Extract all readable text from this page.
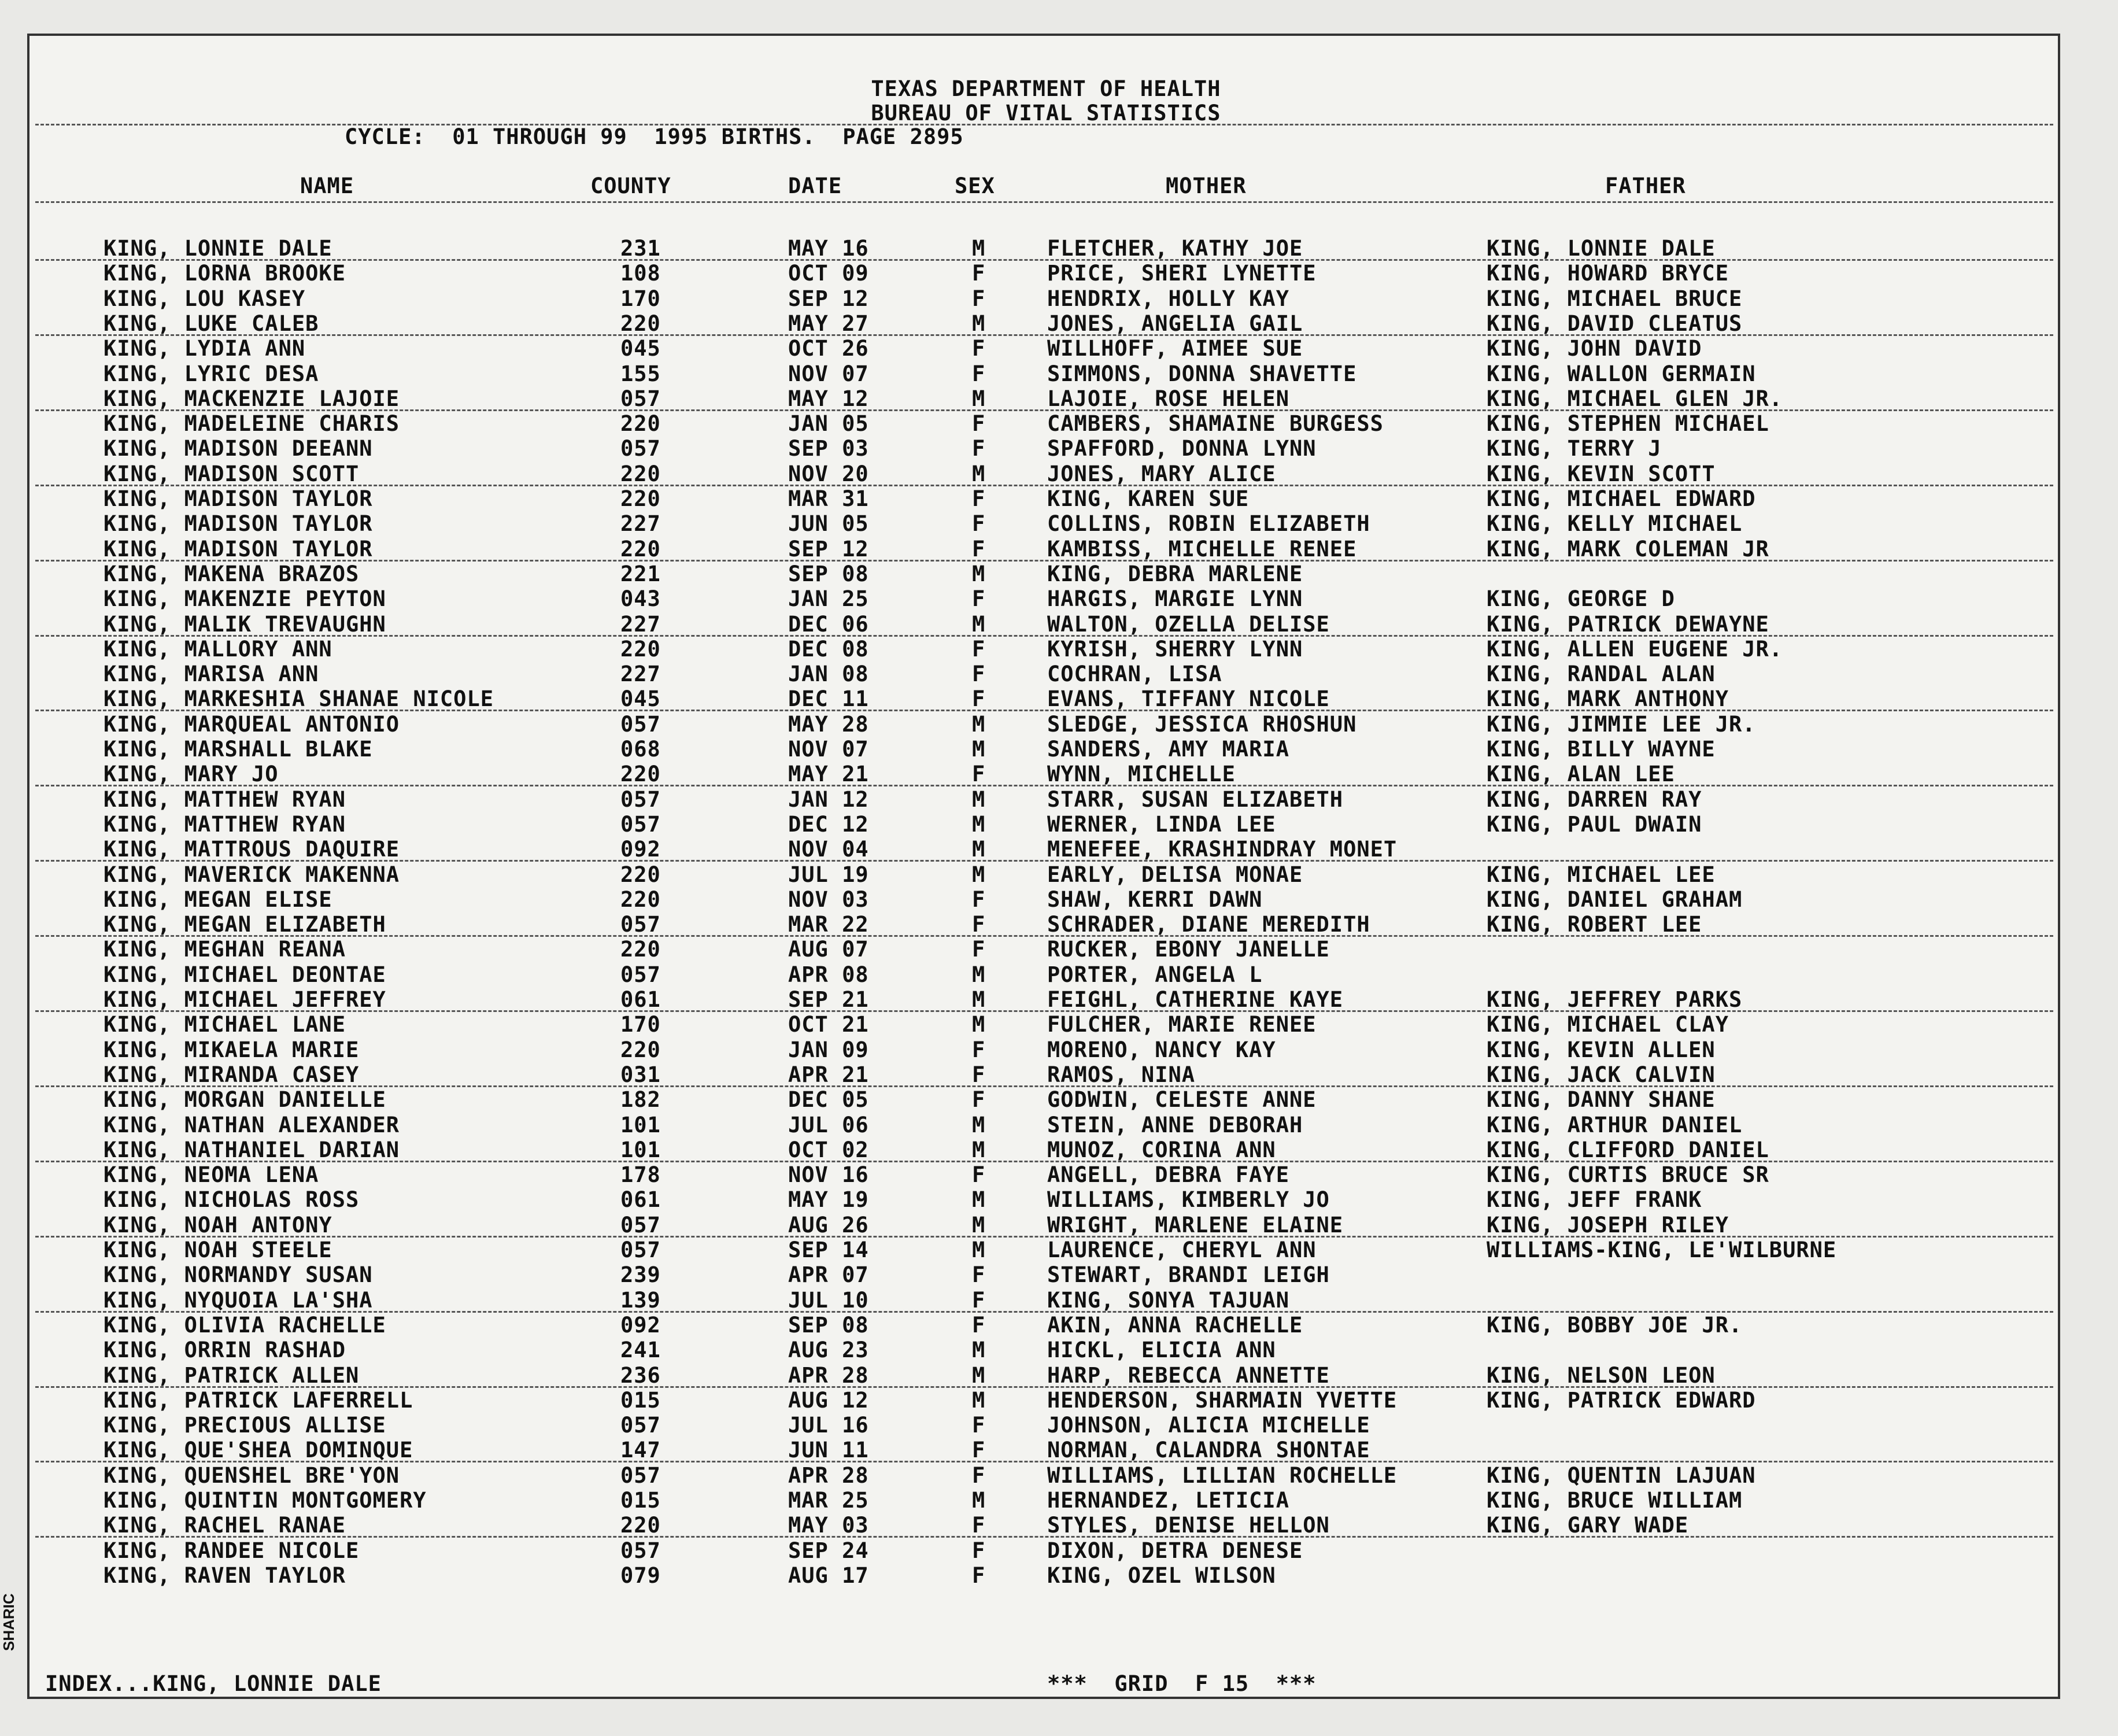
TEXAS DEPARTMENT OF HEALTH
BUREAU OF VITAL STATISTICS
CYCLE:  01 THROUGH 99  1995 BIRTHS.  PAGE 2895
NAME	COUNTY	DATE	SEX	MOTHER	FATHER
KING, LONNIE DALE	231	MAY 16	M	FLETCHER, KATHY JOE	KING, LONNIE DALE
KING, LORNA BROOKE	108	OCT 09	F	PRICE, SHERI LYNETTE	KING, HOWARD BRYCE
KING, LOU KASEY	170	SEP 12	F	HENDRIX, HOLLY KAY	KING, MICHAEL BRUCE
KING, LUKE CALEB	220	MAY 27	M	JONES, ANGELIA GAIL	KING, DAVID CLEATUS
KING, LYDIA ANN	045	OCT 26	F	WILLHOFF, AIMEE SUE	KING, JOHN DAVID
KING, LYRIC DESA	155	NOV 07	F	SIMMONS, DONNA SHAVETTE	KING, WALLON GERMAIN
KING, MACKENZIE LAJOIE	057	MAY 12	M	LAJOIE, ROSE HELEN	KING, MICHAEL GLEN JR.
KING, MADELEINE CHARIS	220	JAN 05	F	CAMBERS, SHAMAINE BURGESS	KING, STEPHEN MICHAEL
KING, MADISON DEEANN	057	SEP 03	F	SPAFFORD, DONNA LYNN	KING, TERRY J
KING, MADISON SCOTT	220	NOV 20	M	JONES, MARY ALICE	KING, KEVIN SCOTT
KING, MADISON TAYLOR	220	MAR 31	F	KING, KAREN SUE	KING, MICHAEL EDWARD
KING, MADISON TAYLOR	227	JUN 05	F	COLLINS, ROBIN ELIZABETH	KING, KELLY MICHAEL
KING, MADISON TAYLOR	220	SEP 12	F	KAMBISS, MICHELLE RENEE	KING, MARK COLEMAN JR
KING, MAKENA BRAZOS	221	SEP 08	M	KING, DEBRA MARLENE
KING, MAKENZIE PEYTON	043	JAN 25	F	HARGIS, MARGIE LYNN	KING, GEORGE D
KING, MALIK TREVAUGHN	227	DEC 06	M	WALTON, OZELLA DELISE	KING, PATRICK DEWAYNE
KING, MALLORY ANN	220	DEC 08	F	KYRISH, SHERRY LYNN	KING, ALLEN EUGENE JR.
KING, MARISA ANN	227	JAN 08	F	COCHRAN, LISA	KING, RANDAL ALAN
KING, MARKESHIA SHANAE NICOLE	045	DEC 11	F	EVANS, TIFFANY NICOLE	KING, MARK ANTHONY
KING, MARQUEAL ANTONIO	057	MAY 28	M	SLEDGE, JESSICA RHOSHUN	KING, JIMMIE LEE JR.
KING, MARSHALL BLAKE	068	NOV 07	M	SANDERS, AMY MARIA	KING, BILLY WAYNE
KING, MARY JO	220	MAY 21	F	WYNN, MICHELLE	KING, ALAN LEE
KING, MATTHEW RYAN	057	JAN 12	M	STARR, SUSAN ELIZABETH	KING, DARREN RAY
KING, MATTHEW RYAN	057	DEC 12	M	WERNER, LINDA LEE	KING, PAUL DWAIN
KING, MATTROUS DAQUIRE	092	NOV 04	M	MENEFEE, KRASHINDRAY MONET
KING, MAVERICK MAKENNA	220	JUL 19	M	EARLY, DELISA MONAE	KING, MICHAEL LEE
KING, MEGAN ELISE	220	NOV 03	F	SHAW, KERRI DAWN	KING, DANIEL GRAHAM
KING, MEGAN ELIZABETH	057	MAR 22	F	SCHRADER, DIANE MEREDITH	KING, ROBERT LEE
KING, MEGHAN REANA	220	AUG 07	F	RUCKER, EBONY JANELLE
KING, MICHAEL DEONTAE	057	APR 08	M	PORTER, ANGELA L
KING, MICHAEL JEFFREY	061	SEP 21	M	FEIGHL, CATHERINE KAYE	KING, JEFFREY PARKS
KING, MICHAEL LANE	170	OCT 21	M	FULCHER, MARIE RENEE	KING, MICHAEL CLAY
KING, MIKAELA MARIE	220	JAN 09	F	MORENO, NANCY KAY	KING, KEVIN ALLEN
KING, MIRANDA CASEY	031	APR 21	F	RAMOS, NINA	KING, JACK CALVIN
KING, MORGAN DANIELLE	182	DEC 05	F	GODWIN, CELESTE ANNE	KING, DANNY SHANE
KING, NATHAN ALEXANDER	101	JUL 06	M	STEIN, ANNE DEBORAH	KING, ARTHUR DANIEL
KING, NATHANIEL DARIAN	101	OCT 02	M	MUNOZ, CORINA ANN	KING, CLIFFORD DANIEL
KING, NEOMA LENA	178	NOV 16	F	ANGELL, DEBRA FAYE	KING, CURTIS BRUCE SR
KING, NICHOLAS ROSS	061	MAY 19	M	WILLIAMS, KIMBERLY JO	KING, JEFF FRANK
KING, NOAH ANTONY	057	AUG 26	M	WRIGHT, MARLENE ELAINE	KING, JOSEPH RILEY
KING, NOAH STEELE	057	SEP 14	M	LAURENCE, CHERYL ANN	WILLIAMS-KING, LE'WILBURNE
KING, NORMANDY SUSAN	239	APR 07	F	STEWART, BRANDI LEIGH
KING, NYQUOIA LA'SHA	139	JUL 10	F	KING, SONYA TAJUAN
KING, OLIVIA RACHELLE	092	SEP 08	F	AKIN, ANNA RACHELLE	KING, BOBBY JOE JR.
KING, ORRIN RASHAD	241	AUG 23	M	HICKL, ELICIA ANN
KING, PATRICK ALLEN	236	APR 28	M	HARP, REBECCA ANNETTE	KING, NELSON LEON
KING, PATRICK LAFERRELL	015	AUG 12	M	HENDERSON, SHARMAIN YVETTE	KING, PATRICK EDWARD
KING, PRECIOUS ALLISE	057	JUL 16	F	JOHNSON, ALICIA MICHELLE
KING, QUE'SHEA DOMINQUE	147	JUN 11	F	NORMAN, CALANDRA SHONTAE
KING, QUENSHEL BRE'YON	057	APR 28	F	WILLIAMS, LILLIAN ROCHELLE	KING, QUENTIN LAJUAN
KING, QUINTIN MONTGOMERY	015	MAR 25	M	HERNANDEZ, LETICIA	KING, BRUCE WILLIAM
KING, RACHEL RANAE	220	MAY 03	F	STYLES, DENISE HELLON	KING, GARY WADE
KING, RANDEE NICOLE	057	SEP 24	F	DIXON, DETRA DENESE
KING, RAVEN TAYLOR	079	AUG 17	F	KING, OZEL WILSON
INDEX...KING, LONNIE DALE	***  GRID  F 15  ***
SHARIC
